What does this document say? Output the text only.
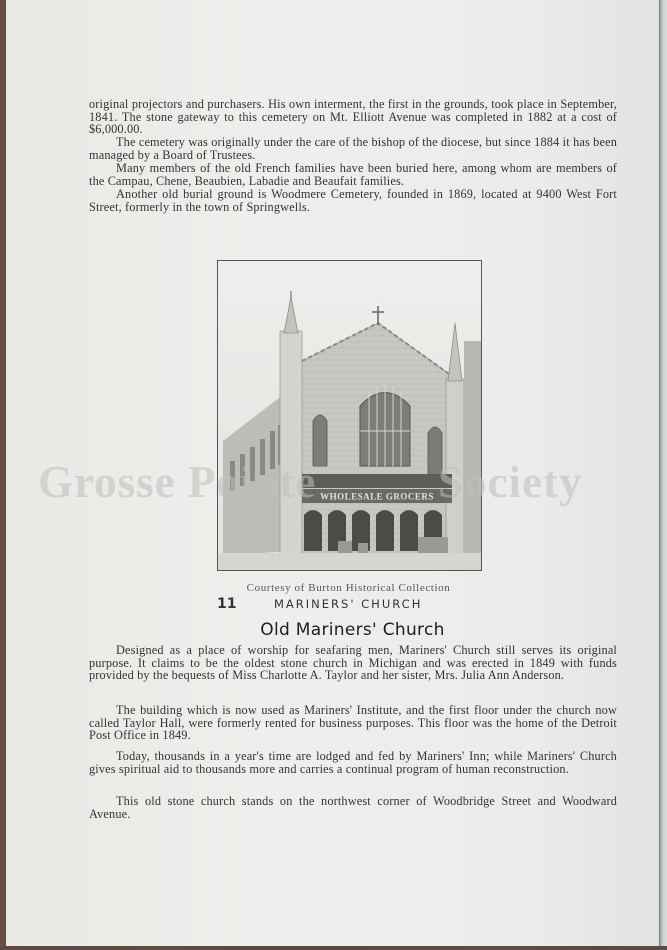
original projectors and purchasers. His own interment, the first in the grounds, took place in September, 1841. The stone gateway to this cemetery on Mt. Elliott Avenue was completed in 1882 at a cost of $6,000.00.

The cemetery was originally under the care of the bishop of the diocese, but since 1884 it has been managed by a Board of Trustees.

Many members of the old French families have been buried here, among whom are members of the Campau, Chene, Beaubien, Labadie and Beaufait families.

Another old burial ground is Woodmere Cemetery, founded in 1869, located at 9400 West Fort Street, formerly in the town of Springwells.

WHOLESALE GROCERS
Grosse Pointe	Society
Courtesy of Burton Historical Collection
11	MARINERS' CHURCH
Old Mariners' Church

Designed as a place of worship for seafaring men, Mariners' Church still serves its original purpose. It claims to be the oldest stone church in Michigan and was erected in 1849 with funds provided by the bequests of Miss Charlotte A. Taylor and her sister, Mrs. Julia Ann Anderson.

The building which is now used as Mariners' Institute, and the first floor under the church now called Taylor Hall, were formerly rented for business purposes. This floor was the home of the Detroit Post Office in 1849.

Today, thousands in a year's time are lodged and fed by Mariners' Inn; while Mariners' Church gives spiritual aid to thousands more and carries a continual program of human reconstruction.

This old stone church stands on the northwest corner of Woodbridge Street and Woodward Avenue.
